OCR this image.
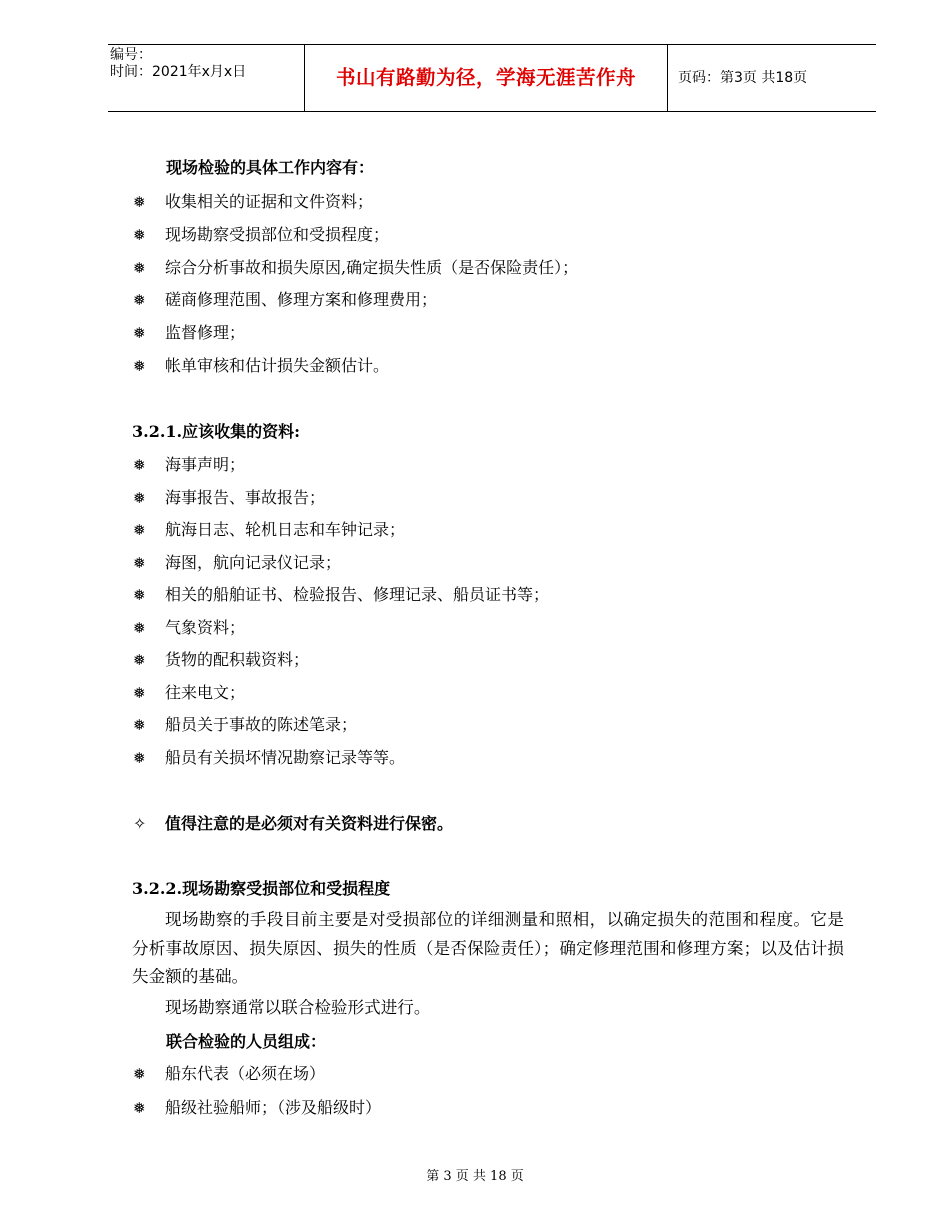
编号：
时间：2021年x月x日	书山有路勤为径，学海无涯苦作舟	页码：第3页 共18页
现场检验的具体工作内容有：
❅ 收集相关的证据和文件资料；
❅ 现场勘察受损部位和受损程度；
❅ 综合分析事故和损失原因,确定损失性质（是否保险责任）；
❅ 磋商修理范围、修理方案和修理费用；
❅ 监督修理；
❅ 帐单审核和估计损失金额估计。
3.2.1.应该收集的资料:
❅ 海事声明；
❅ 海事报告、事故报告；
❅ 航海日志、轮机日志和车钟记录；
❅ 海图，航向记录仪记录；
❅ 相关的船舶证书、检验报告、修理记录、船员证书等；
❅ 气象资料；
❅ 货物的配积载资料；
❅ 往来电文；
❅ 船员关于事故的陈述笔录；
❅ 船员有关损坏情况勘察记录等等。
✧ 值得注意的是必须对有关资料进行保密。
3.2.2.现场勘察受损部位和受损程度
现场勘察的手段目前主要是对受损部位的详细测量和照相，以确定损失的范围和程度。它是分析事故原因、损失原因、损失的性质（是否保险责任）；确定修理范围和修理方案；以及估计损失金额的基础。
现场勘察通常以联合检验形式进行。
联合检验的人员组成：
❅ 船东代表（必须在场）
❅ 船级社验船师；（涉及船级时）
第 3 页 共 18 页
